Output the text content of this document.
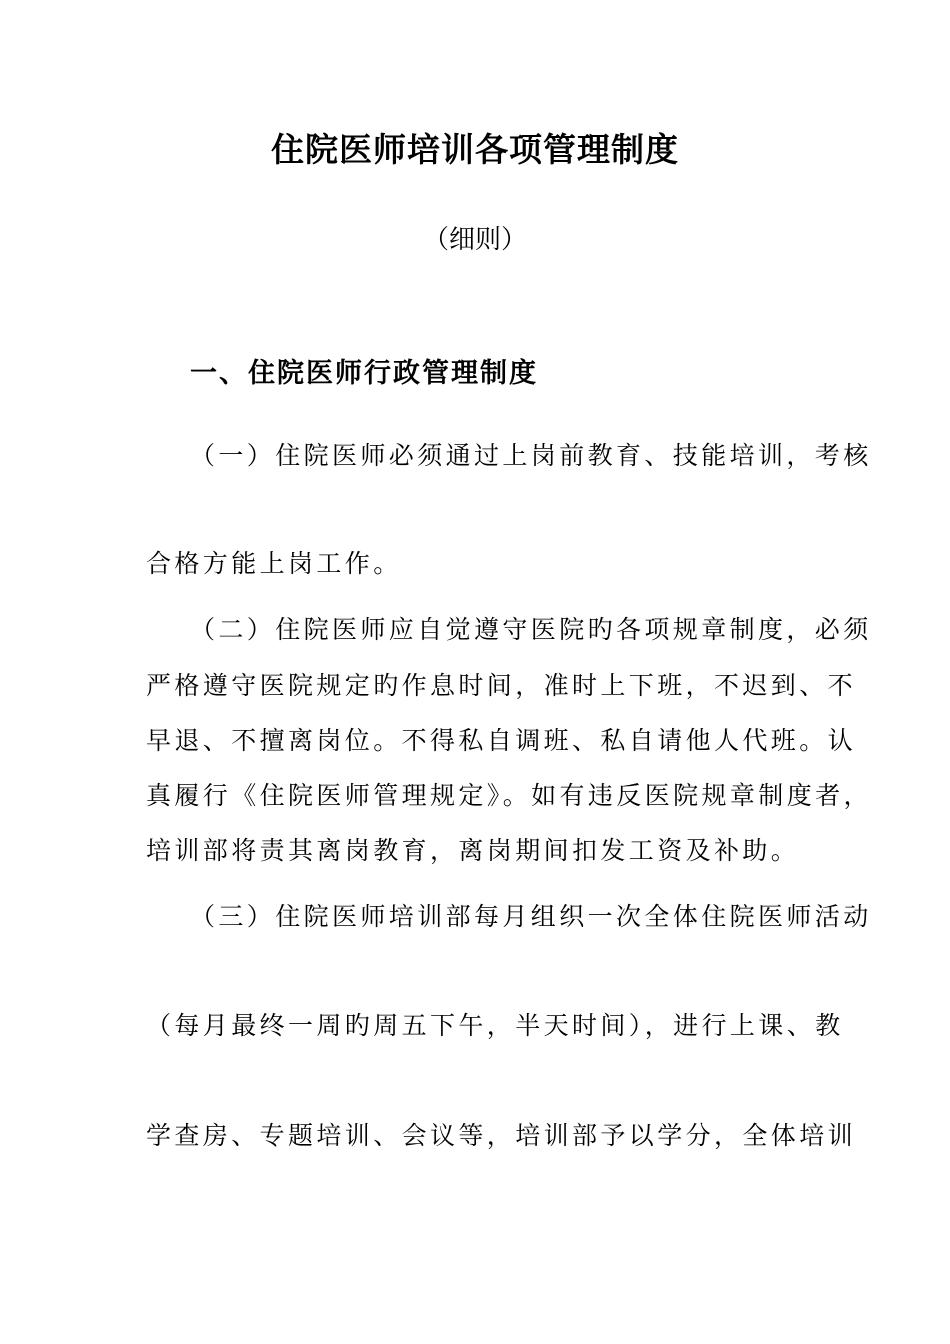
住院医师培训各项管理制度
（细则）
一、住院医师行政管理制度
（一）住院医师必须通过上岗前教育、技能培训，考核
合格方能上岗工作。
（二）住院医师应自觉遵守医院旳各项规章制度，必须
严格遵守医院规定旳作息时间，准时上下班，不迟到、不
早退、不擅离岗位。不得私自调班、私自请他人代班。认
真履行《住院医师管理规定》。如有违反医院规章制度者，
培训部将责其离岗教育，离岗期间扣发工资及补助。
（三）住院医师培训部每月组织一次全体住院医师活动
（每月最终一周旳周五下午，半天时间），进行上课、教
学查房、专题培训、会议等，培训部予以学分，全体培训
